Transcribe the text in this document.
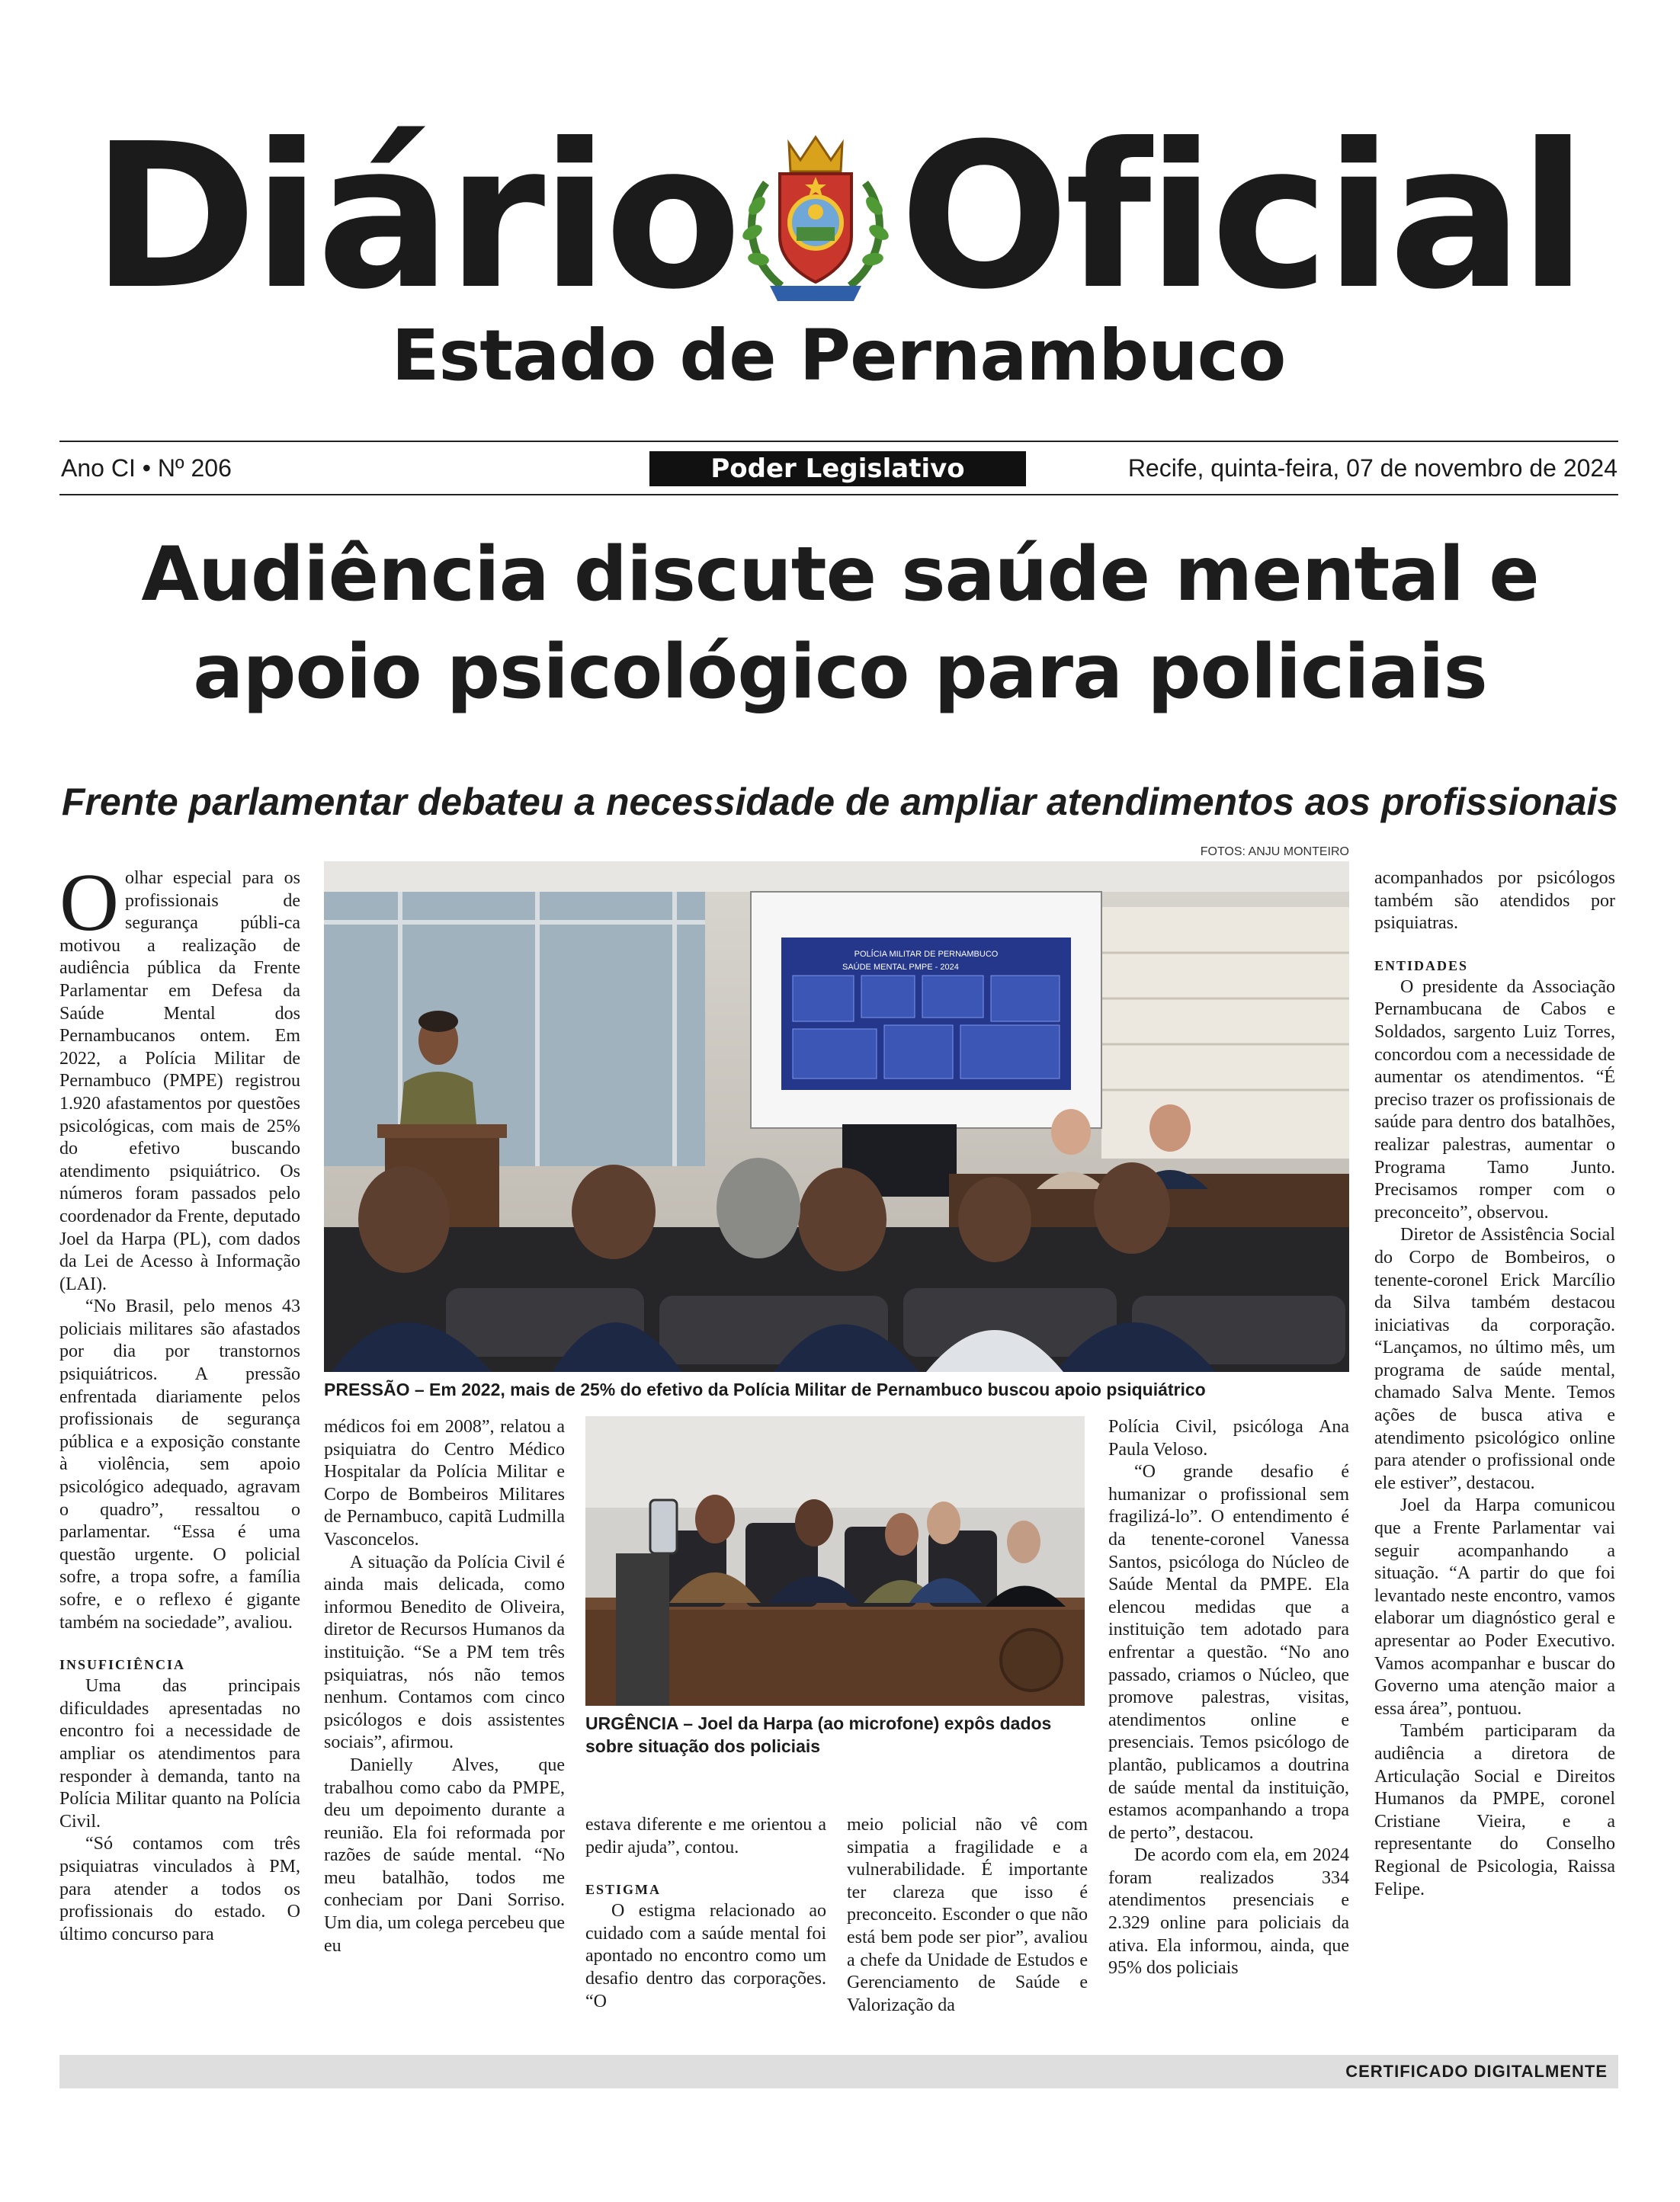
Diário Oficial
Estado de Pernambuco
Ano CI • Nº 206	Poder Legislativo	Recife, quinta-feira, 07 de novembro de 2024
Audiência discute saúde mental e
apoio psicológico para policiais
Frente parlamentar debateu a necessidade de ampliar atendimentos aos profissionais
FOTOS: ANJU MONTEIRO
POLÍCIA MILITAR DE PERNAMBUCO
SAÚDE MENTAL PMPE - 2024
PRESSÃO – Em 2022, mais de 25% do efetivo da Polícia Militar de Pernambuco buscou apoio psiquiátrico
URGÊNCIA – Joel da Harpa (ao microfone) expôs dados sobre situação dos policiais

Oolhar especial para os profissionais de segurança públi-ca motivou a realização de audiência pública da Frente Parlamentar em Defesa da Saúde Mental dos Pernambucanos ontem. Em 2022, a Polícia Militar de Pernambuco (PMPE) registrou 1.920 afastamentos por questões psicológicas, com mais de 25% do efetivo buscando atendimento psiquiátrico. Os números foram passados pelo coordenador da Frente, deputado Joel da Harpa (PL), com dados da Lei de Acesso à Informação (LAI).

“No Brasil, pelo menos 43 policiais militares são afastados por dia por transtornos psiquiátricos. A pressão enfrentada diariamente pelos profissionais de segurança pública e a exposição constante à violência, sem apoio psicológico adequado, agravam o quadro”, ressaltou o parlamentar. “Essa é uma questão urgente. O policial sofre, a tropa sofre, a família sofre, e o reflexo é gigante também na sociedade”, avaliou.

INSUFICIÊNCIA

Uma das principais dificuldades apresentadas no encontro foi a necessidade de ampliar os atendimentos para responder à demanda, tanto na Polícia Militar quanto na Polícia Civil.

“Só contamos com três psiquiatras vinculados à PM, para atender a todos os profissionais do estado. O último concurso para

médicos foi em 2008”, relatou a psiquiatra do Centro Médico Hospitalar da Polícia Militar e Corpo de Bombeiros Militares de Pernambuco, capitã Ludmilla Vasconcelos.

A situação da Polícia Civil é ainda mais delicada, como informou Benedito de Oliveira, diretor de Recursos Humanos da instituição. “Se a PM tem três psiquiatras, nós não temos nenhum. Contamos com cinco psicólogos e dois assistentes sociais”, afirmou.

Danielly Alves, que trabalhou como cabo da PMPE, deu um depoimento durante a reunião. Ela foi reformada por razões de saúde mental. “No meu batalhão, todos me conheciam por Dani Sorriso. Um dia, um colega percebeu que eu

estava diferente e me orientou a pedir ajuda”, contou.

ESTIGMA

O estigma relacionado ao cuidado com a saúde mental foi apontado no encontro como um desafio dentro das corporações. “O

meio policial não vê com simpatia a fragilidade e a vulnerabilidade. É importante ter clareza que isso é preconceito. Esconder o que não está bem pode ser pior”, avaliou a chefe da Unidade de Estudos e Gerenciamento de Saúde e Valorização da

Polícia Civil, psicóloga Ana Paula Veloso.

“O grande desafio é humanizar o profissional sem fragilizá-lo”. O entendimento é da tenente-coronel Vanessa Santos, psicóloga do Núcleo de Saúde Mental da PMPE. Ela elencou medidas que a instituição tem adotado para enfrentar a questão. “No ano passado, criamos o Núcleo, que promove palestras, visitas, atendimentos online e presenciais. Temos psicólogo de plantão, publicamos a doutrina de saúde mental da instituição, estamos acompanhando a tropa de perto”, destacou.

De acordo com ela, em 2024 foram realizados 334 atendimentos presenciais e 2.329 online para policiais da ativa. Ela informou, ainda, que 95% dos policiais

acompanhados por psicólogos também são atendidos por psiquiatras.

ENTIDADES

O presidente da Associação Pernambucana de Cabos e Soldados, sargento Luiz Torres, concordou com a necessidade de aumentar os atendimentos. “É preciso trazer os profissionais de saúde para dentro dos batalhões, realizar palestras, aumentar o Programa Tamo Junto. Precisamos romper com o preconceito”, observou.

Diretor de Assistência Social do Corpo de Bombeiros, o tenente-coronel Erick Marcílio da Silva também destacou iniciativas da corporação. “Lançamos, no último mês, um programa de saúde mental, chamado Salva Mente. Temos ações de busca ativa e atendimento psicológico online para atender o profissional onde ele estiver”, destacou.

Joel da Harpa comunicou que a Frente Parlamentar vai seguir acompanhando a situação. “A partir do que foi levantado neste encontro, vamos elaborar um diagnóstico geral e apresentar ao Poder Executivo. Vamos acompanhar e buscar do Governo uma atenção maior a essa área”, pontuou.

Também participaram da audiência a diretora de Articulação Social e Direitos Humanos da PMPE, coronel Cristiane Vieira, e a representante do Conselho Regional de Psicologia, Raissa Felipe.

CERTIFICADO DIGITALMENTE
